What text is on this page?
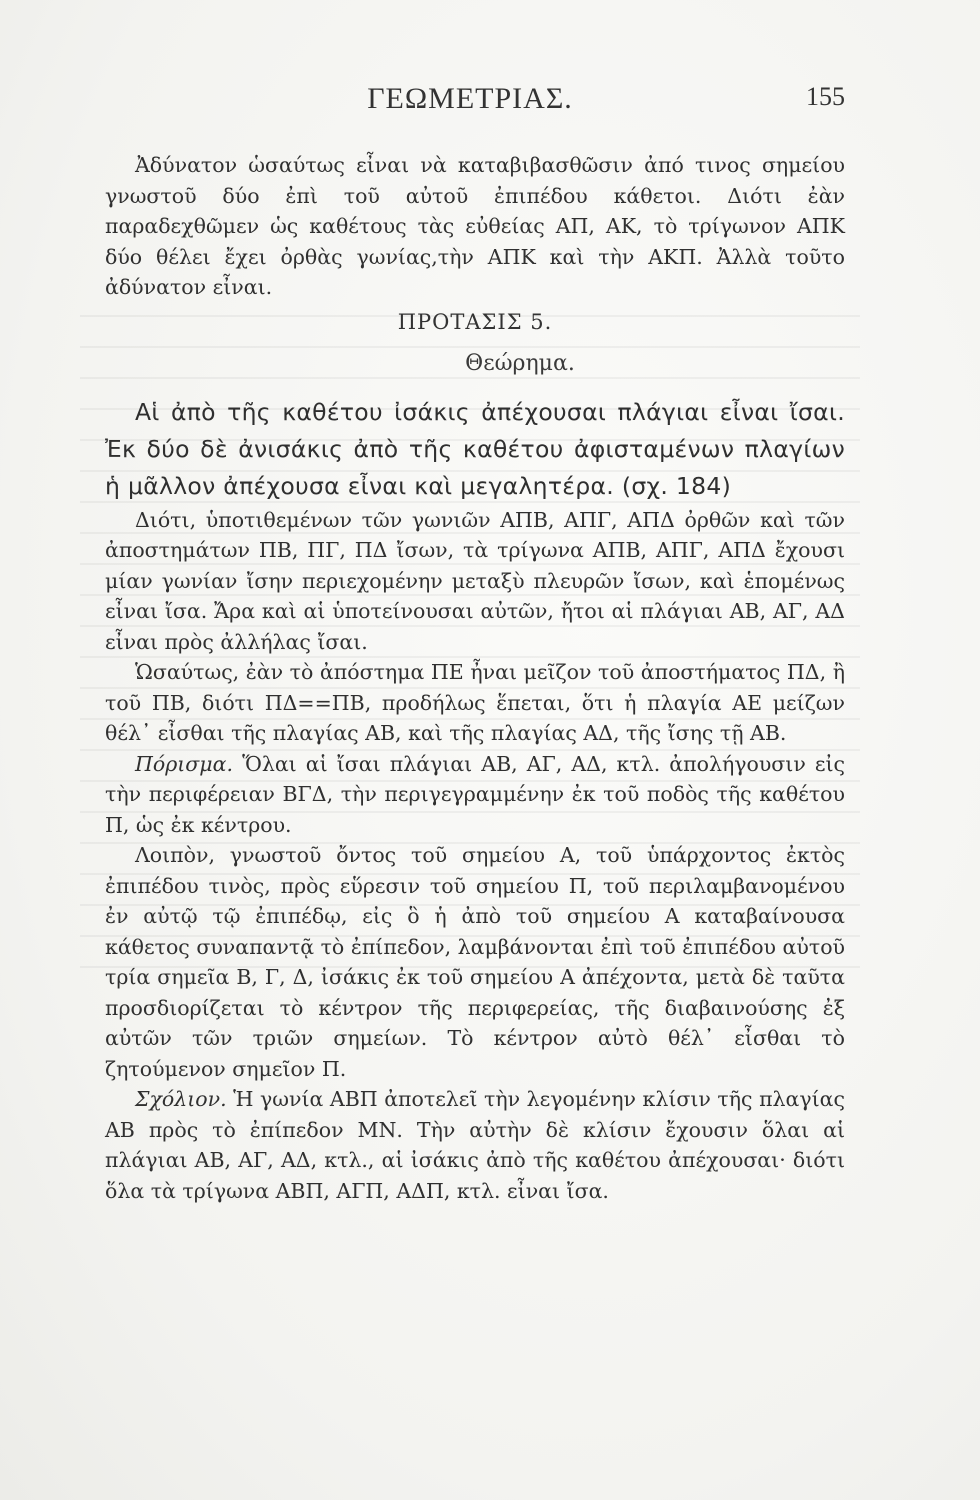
ΓΕΩΜΕΤΡΙΑΣ.	155

Ἀδύνατον ὡσαύτως εἶναι νὰ καταβιβασθῶσιν ἀπό τινος σημείου γνωστοῦ δύο ἐπὶ τοῦ αὐτοῦ ἐπιπέδου κάθετοι. Διότι ἐὰν παραδεχθῶμεν ὡς καθέτους τὰς εὐθείας ΑΠ, ΑΚ, τὸ τρίγωνον ΑΠΚ δύο θέλει ἔχει ὀρθὰς γωνίας,τὴν ΑΠΚ καὶ τὴν ΑΚΠ. Ἀλλὰ τοῦτο ἀδύνατον εἶναι.

ΠΡΟΤΑΣΙΣ 5.

Θεώρημα.

Αἱ ἀπὸ τῆς καθέτου ἰσάκις ἀπέχουσαι πλάγιαι εἶναι ἴσαι. Ἐκ δύο δὲ ἀνισάκις ἀπὸ τῆς καθέτου ἀφισταμένων πλαγίων ἡ μᾶλλον ἀπέχουσα εἶναι καὶ μεγαλητέρα. (σχ. 184)

Διότι, ὑποτιθεμένων τῶν γωνιῶν ΑΠΒ, ΑΠΓ, ΑΠΔ ὀρθῶν καὶ τῶν ἀποστημάτων ΠΒ, ΠΓ, ΠΔ ἴσων, τὰ τρίγωνα ΑΠΒ, ΑΠΓ, ΑΠΔ ἔχουσι μίαν γωνίαν ἴσην περιεχομένην μεταξὺ πλευρῶν ἴσων, καὶ ἑπομένως εἶναι ἴσα. Ἄρα καὶ αἱ ὑποτείνουσαι αὐτῶν, ἤτοι αἱ πλάγιαι ΑΒ, ΑΓ, ΑΔ εἶναι πρὸς ἀλλήλας ἴσαι.

Ὡσαύτως, ἐὰν τὸ ἀπόστημα ΠΕ ἦναι μεῖζον τοῦ ἀποστήματος ΠΔ, ἢ τοῦ ΠΒ, διότι ΠΔ==ΠΒ, προδήλως ἕπεται, ὅτι ἡ πλαγία ΑΕ μείζων θέλ᾽ εἶσθαι τῆς πλαγίας ΑΒ, καὶ τῆς πλαγίας ΑΔ, τῆς ἴσης τῇ ΑΒ.

Πόρισμα. Ὅλαι αἱ ἴσαι πλάγιαι ΑΒ, ΑΓ, ΑΔ, κτλ. ἀπολήγουσιν εἰς τὴν περιφέρειαν ΒΓΔ, τὴν περιγεγραμμένην ἐκ τοῦ ποδὸς τῆς καθέτου Π, ὡς ἐκ κέντρου.

Λοιπὸν, γνωστοῦ ὄντος τοῦ σημείου Α, τοῦ ὑπάρχοντος ἐκτὸς ἐπιπέδου τινὸς, πρὸς εὕρεσιν τοῦ σημείου Π, τοῦ περιλαμβανομένου ἐν αὐτῷ τῷ ἐπιπέδῳ, εἰς ὃ ἡ ἀπὸ τοῦ σημείου Α καταβαίνουσα κάθετος συναπαντᾷ τὸ ἐπίπεδον, λαμβάνονται ἐπὶ τοῦ ἐπιπέδου αὐτοῦ τρία σημεῖα Β, Γ, Δ, ἰσάκις ἐκ τοῦ σημείου Α ἀπέχοντα, μετὰ δὲ ταῦτα προσδιορίζεται τὸ κέντρον τῆς περιφερείας, τῆς διαβαινούσης ἐξ αὐτῶν τῶν τριῶν σημείων. Τὸ κέντρον αὐτὸ θέλ᾽ εἶσθαι τὸ ζητούμενον σημεῖον Π.

Σχόλιον. Ἡ γωνία ΑΒΠ ἀποτελεῖ τὴν λεγομένην κλίσιν τῆς πλαγίας ΑΒ πρὸς τὸ ἐπίπεδον ΜΝ. Τὴν αὐτὴν δὲ κλίσιν ἔχουσιν ὅλαι αἱ πλάγιαι ΑΒ, ΑΓ, ΑΔ, κτλ., αἱ ἰσάκις ἀπὸ τῆς καθέτου ἀπέχουσαι· διότι ὅλα τὰ τρίγωνα ΑΒΠ, ΑΓΠ, ΑΔΠ, κτλ. εἶναι ἴσα.
